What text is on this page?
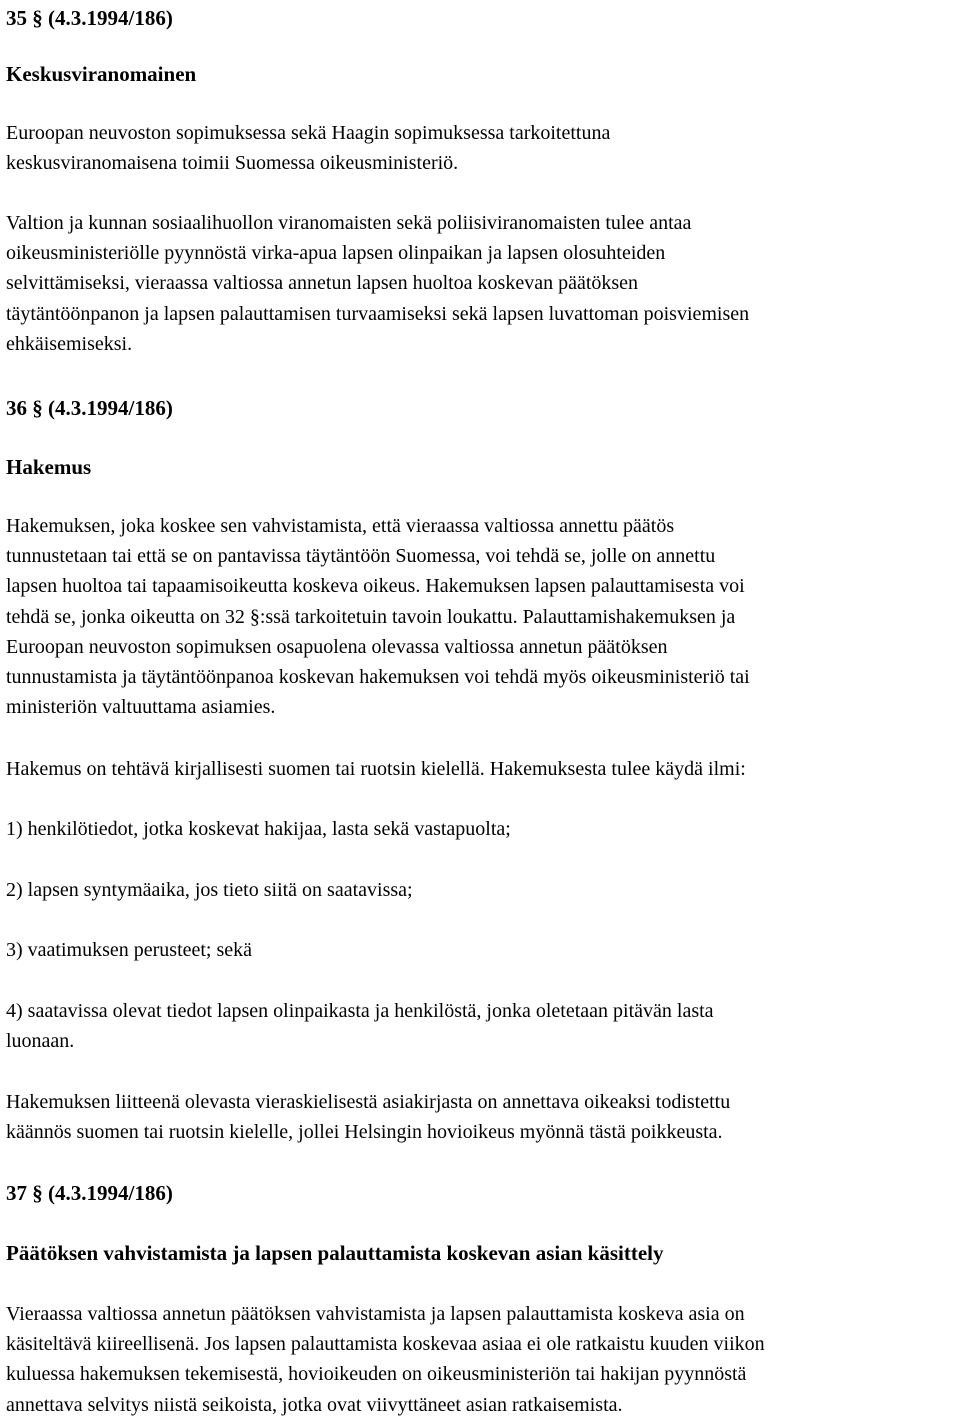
35 § (4.3.1994/186)
Keskusviranomainen

Euroopan neuvoston sopimuksessa sekä Haagin sopimuksessa tarkoitettuna
keskusviranomaisena toimii Suomessa oikeusministeriö.

Valtion ja kunnan sosiaalihuollon viranomaisten sekä poliisiviranomaisten tulee antaa
oikeusministeriölle pyynnöstä virka-apua lapsen olinpaikan ja lapsen olosuhteiden
selvittämiseksi, vieraassa valtiossa annetun lapsen huoltoa koskevan päätöksen
täytäntöönpanon ja lapsen palauttamisen turvaamiseksi sekä lapsen luvattoman poisviemisen
ehkäisemiseksi.

36 § (4.3.1994/186)
Hakemus

Hakemuksen, joka koskee sen vahvistamista, että vieraassa valtiossa annettu päätös
tunnustetaan tai että se on pantavissa täytäntöön Suomessa, voi tehdä se, jolle on annettu
lapsen huoltoa tai tapaamisoikeutta koskeva oikeus. Hakemuksen lapsen palauttamisesta voi
tehdä se, jonka oikeutta on 32 §:ssä tarkoitetuin tavoin loukattu. Palauttamishakemuksen ja
Euroopan neuvoston sopimuksen osapuolena olevassa valtiossa annetun päätöksen
tunnustamista ja täytäntöönpanoa koskevan hakemuksen voi tehdä myös oikeusministeriö tai
ministeriön valtuuttama asiamies.

Hakemus on tehtävä kirjallisesti suomen tai ruotsin kielellä. Hakemuksesta tulee käydä ilmi:

1) henkilötiedot, jotka koskevat hakijaa, lasta sekä vastapuolta;

2) lapsen syntymäaika, jos tieto siitä on saatavissa;

3) vaatimuksen perusteet; sekä

4) saatavissa olevat tiedot lapsen olinpaikasta ja henkilöstä, jonka oletetaan pitävän lasta
luonaan.

Hakemuksen liitteenä olevasta vieraskielisestä asiakirjasta on annettava oikeaksi todistettu
käännös suomen tai ruotsin kielelle, jollei Helsingin hovioikeus myönnä tästä poikkeusta.

37 § (4.3.1994/186)
Päätöksen vahvistamista ja lapsen palauttamista koskevan asian käsittely

Vieraassa valtiossa annetun päätöksen vahvistamista ja lapsen palauttamista koskeva asia on
käsiteltävä kiireellisenä. Jos lapsen palauttamista koskevaa asiaa ei ole ratkaistu kuuden viikon
kuluessa hakemuksen tekemisestä, hovioikeuden on oikeusministeriön tai hakijan pyynnöstä
annettava selvitys niistä seikoista, jotka ovat viivyttäneet asian ratkaisemista.
